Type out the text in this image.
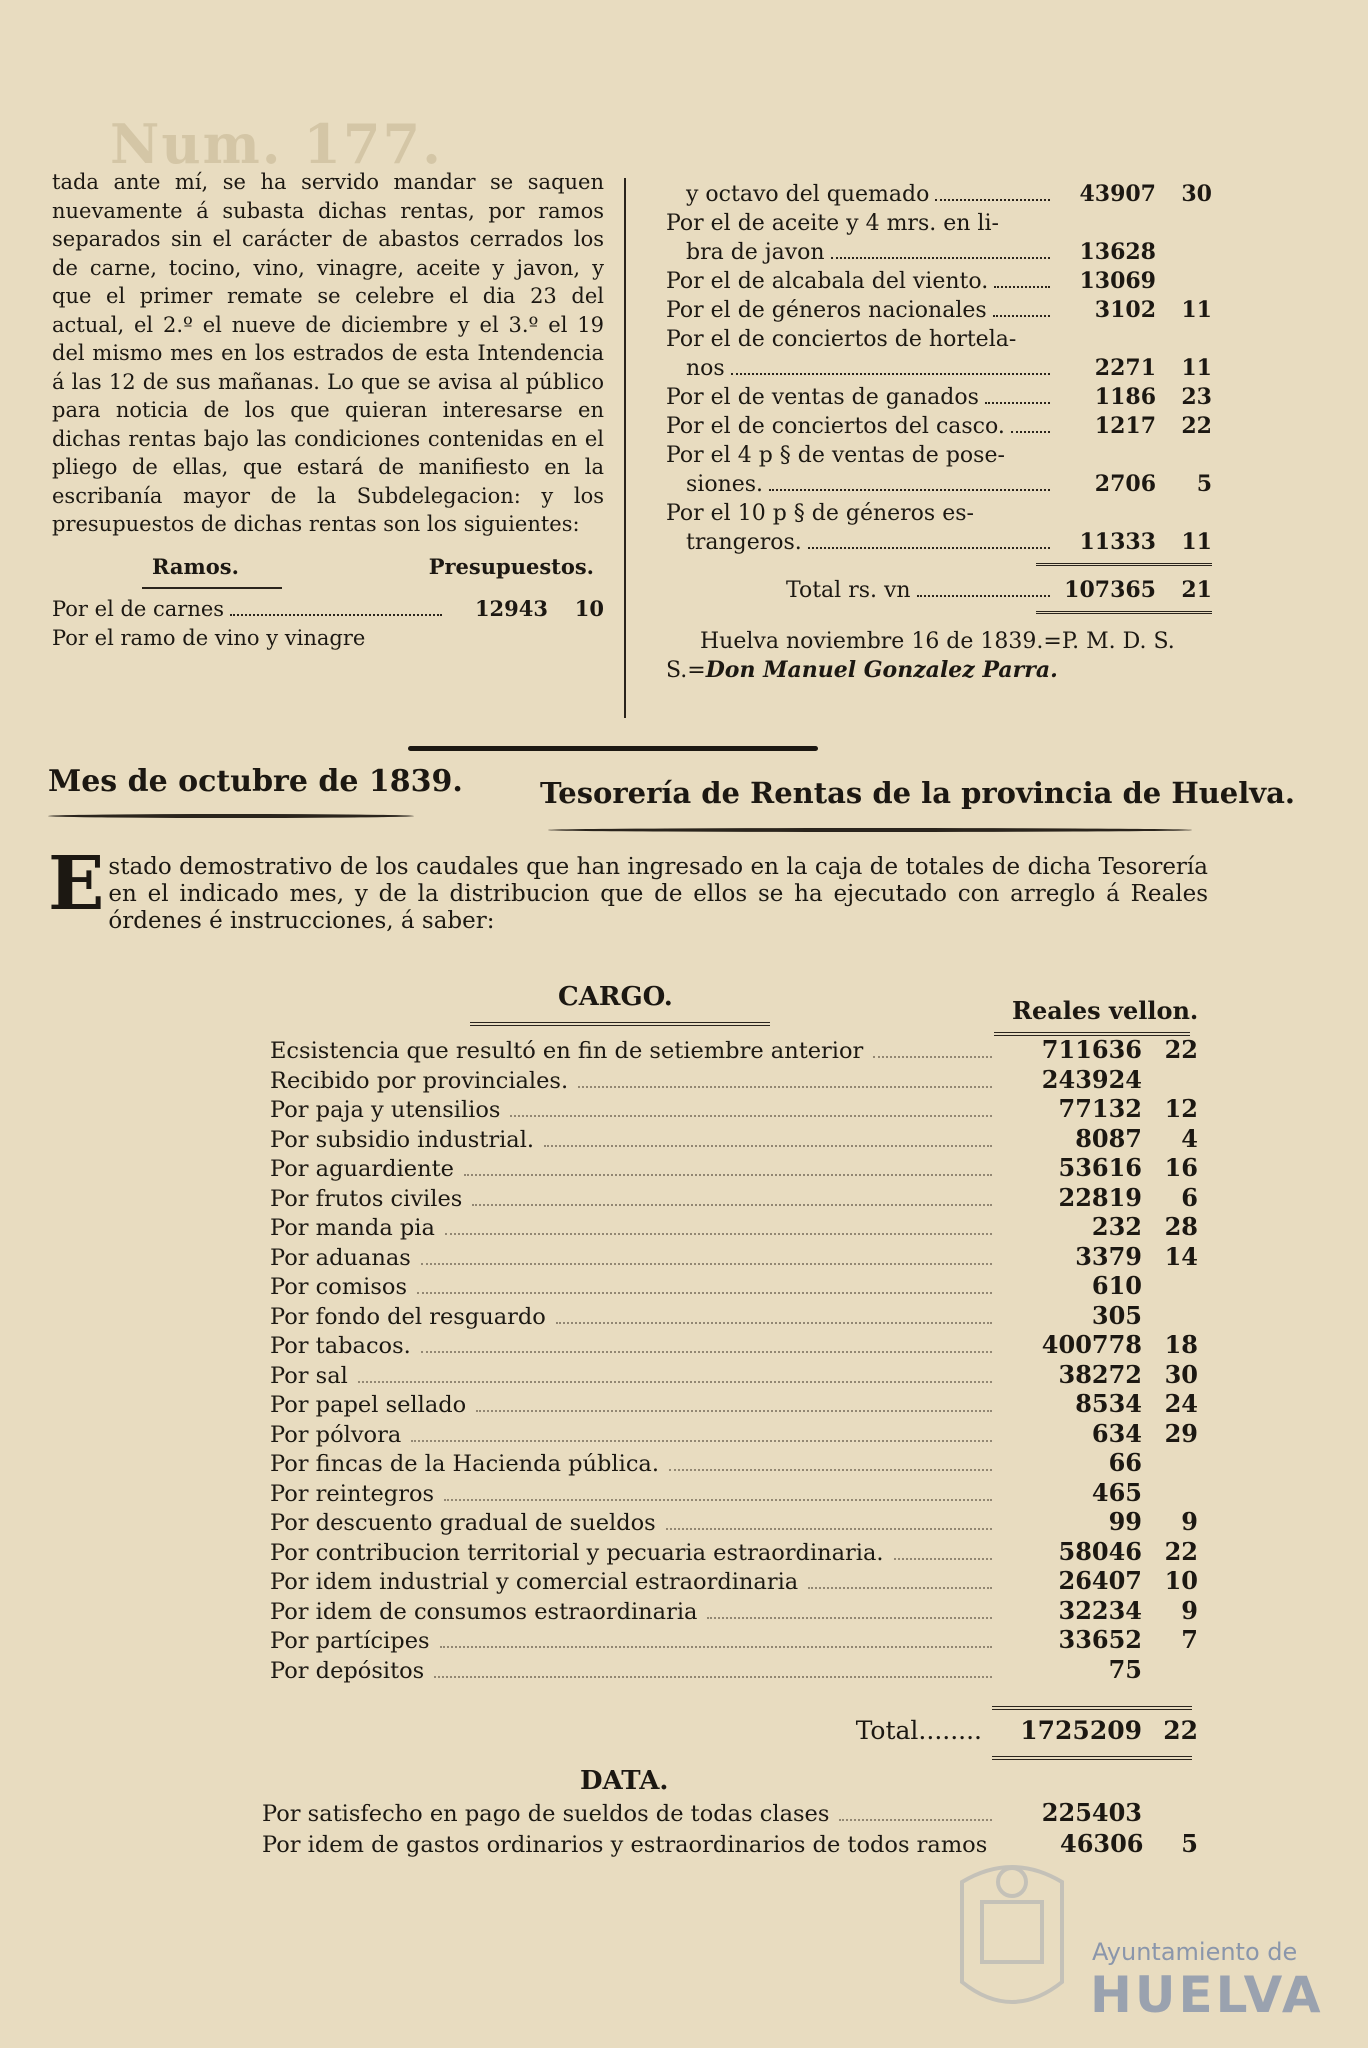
Num. 177.
tada ante mí, se ha servido mandar se saquen nuevamente á subasta dichas rentas, por ramos separados sin el carácter de abastos cerrados los de carne, tocino, vino, vinagre, aceite y javon, y que el primer remate se celebre el dia 23 del actual, el 2.º el nueve de diciembre y el 3.º el 19 del mismo mes en los estrados de esta Intendencia á las 12 de sus mañanas. Lo que se avisa al público para noticia de los que quieran interesarse en dichas rentas bajo las condiciones contenidas en el pliego de ellas, que estará de manifiesto en la escribanía mayor de la Subdelegacion: y los presupuestos de dichas rentas son los siguientes:
Ramos.	Presupuestos.
Por el de carnes	12943	10
Por el ramo de vino y vinagre
y octavo del quemado	43907	30
Por el de aceite y 4 mrs. en li-
bra de javon	13628
Por el de alcabala del viento.	13069
Por el de géneros nacionales	3102	11
Por el de conciertos de hortela-
nos	2271	11
Por el de ventas de ganados	1186	23
Por el de conciertos del casco.	1217	22
Por el 4 p § de ventas de pose-
siones.	2706	5
Por el 10 p § de géneros es-
trangeros.	11333	11
Total rs. vn	107365	21
Huelva noviembre 16 de 1839.=P. M. D. S. S.=Don Manuel Gonzalez Parra.
Mes de octubre de 1839.	Tesorería de Rentas de la provincia de Huelva.
Estado demostrativo de los caudales que han ingresado en la caja de totales de dicha Tesorería en el indicado mes, y de la distribucion que de ellos se ha ejecutado con arreglo á Reales órdenes é instrucciones, á saber:
CARGO.	Reales vellon.
Ecsistencia que resultó en fin de setiembre anterior	711636 22
Recibido por provinciales.	243924
Por paja y utensilios	77132 12
Por subsidio industrial.	8087	4
Por aguardiente	53616 16
Por frutos civiles	22819	6
Por manda pia	232 28
Por aduanas	3379 14
Por comisos	610
Por fondo del resguardo	305
Por tabacos.	400778 18
Por sal	38272 30
Por papel sellado	8534 24
Por pólvora	634 29
Por fincas de la Hacienda pública.	66
Por reintegros	465
Por descuento gradual de sueldos	99	9
Por contribucion territorial y pecuaria estraordinaria.	58046 22
Por idem industrial y comercial estraordinaria	26407 10
Por idem de consumos estraordinaria	32234	9
Por partícipes	33652	7
Por depósitos	75
Total........	1725209 22
DATA.
Por satisfecho en pago de sueldos de todas clases	225403
Por idem de gastos ordinarios y estraordinarios de todos ramos	46306	5
Ayuntamiento de
HUELVA
